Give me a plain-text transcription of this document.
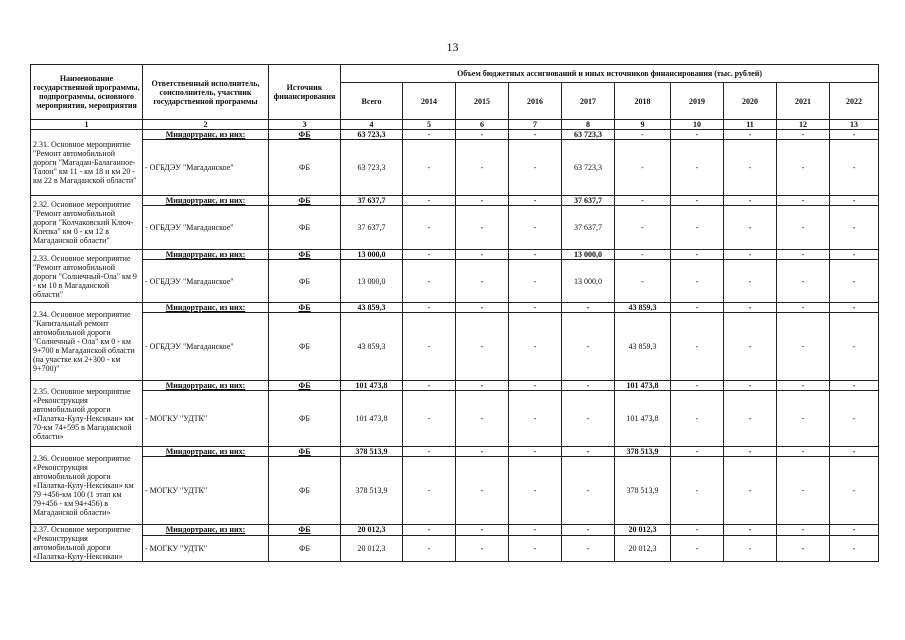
13
Наименование государственной программы, подпрограммы, основного мероприятия, мероприятия	Ответственный исполнитель, соисполнитель, участник государственной программы	Источник финансирования	Объем бюджетных ассигнований и иных источников финансирования (тыс. рублей)									
			Всего	2014	2015	2016	2017	2018	2019	2020	2021	2022
1	2	3	4	5	6	7	8	9	10	11	12	13
2.31. Основное мероприятие "Ремонт автомобильной дороги "Магадан-Балаганное-Талон" км 11 - км 18 и км 20 - км 22 в Магаданской области"	Миндортранс, из них:	ФБ	63 723,3	-	-	-	63 723,3	-	-	-	-	-
	- ОГБДЭУ "Магаданское"	ФБ	63 723,3	-	-	-	63 723,3	-	-	-	-	-
2.32. Основное мероприятие "Ремонт автомобильной дороги "Колчаковский Ключ-Клепка" км 0 - км 12 в Магаданской области"	Миндортранс, из них:	ФБ	37 637,7	-	-	-	37 637,7	-	-	-	-	-
	- ОГБДЭУ "Магаданское"	ФБ	37 637,7	-	-	-	37 637,7	-	-	-	-	-
2.33. Основное мероприятие "Ремонт автомобильной дороги "Солнечный-Ола" км 9 - км 10 в Магаданской области"	Миндортранс, из них:	ФБ	13 000,0	-	-	-	13 000,0	-	-	-	-	-
	- ОГБДЭУ "Магаданское"	ФБ	13 000,0	-	-	-	13 000,0	-	-	-	-	-
2.34. Основное мероприятие "Капитальный ремонт автомобильной дороги "Солнечный - Ола" км 0 - км 9+700 в Магаданской области (на участке км 2+300 - км 9+700)"	Миндортранс, из них:	ФБ	43 859,3	-	-	-	-	43 859,3	-	-	-	-
	- ОГБДЭУ "Магаданское"	ФБ	43 859,3	-	-	-	-	43 859,3	-	-	-	-
2.35. Основное мероприятие «Реконструкция автомобильной дороги «Палатка-Кулу-Нексикан» км 70-км 74+595 в Магаданской области»	Миндортранс, из них:	ФБ	101 473,8	-	-	-	-	101 473,8	-	-	-	-
	- МОГКУ "УДТК"	ФБ	101 473,8	-	-	-	-	101 473,8	-	-	-	-
2.36. Основное мероприятие «Реконструкция автомобильной дороги «Палатка-Кулу-Нексикан» км 79 +456-км 100 (1 этап км 79+456 - км 94+456) в Магаданской области»	Миндортранс, из них:	ФБ	378 513,9	-	-	-	-	378 513,9	-	-	-	-
	- МОГКУ "УДТК"	ФБ	378 513,9	-	-	-	-	378 513,9	-	-	-	-
2.37. Основное мероприятие «Реконструкция автомобильной дороги «Палатка-Кулу-Нексикан»	Миндортранс, из них:	ФБ	20 012,3	-	-	-	-	20 012,3	-	-	-	-
	- МОГКУ "УДТК"	ФБ	20 012,3	-	-	-	-	20 012,3	-	-	-	-
